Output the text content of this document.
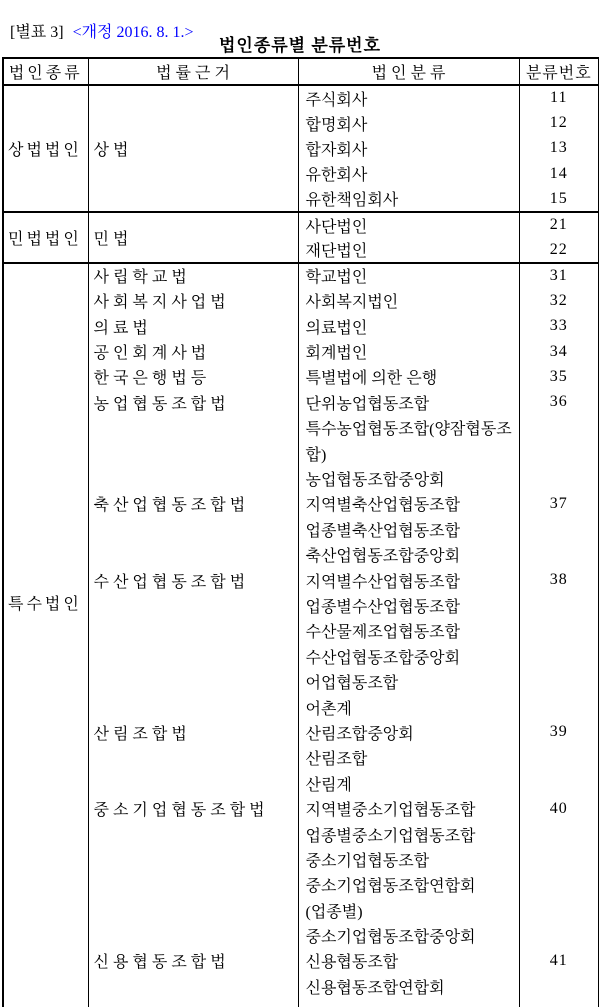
[별표 3] <개정 2016. 8. 1.>

법인종류별 분류번호
법인종류	법 률 근 거	법 인 분 류	분류번호

상법법인	상 법	주식회사	11
		합명회사	12
		합자회사	13
		유한회사	14
		유한책임회사	15

민법법인	민 법	사단법인	21
		재단법인	22

특수법인	사 립 학 교 법	학교법인	31
	사 회 복 지 사 업 법	사회복지법인	32
	의 료 법	의료법인	33
	공 인 회 계 사 법	회계법인	34
	한 국 은 행 법 등	특별법에 의한 은행	35
	농 업 협 동 조 합 법	단위농업협동조합	36
		특수농업협동조합(양잠협동조	
		합)	
		농업협동조합중앙회	
	축 산 업 협 동 조 합 법	지역별축산업협동조합	37
		업종별축산업협동조합	
		축산업협동조합중앙회	
	수 산 업 협 동 조 합 법	지역별수산업협동조합	38
		업종별수산업협동조합	
		수산물제조업협동조합	
		수산업협동조합중앙회	
		어업협동조합	
		어촌계	
	산 림 조 합 법	산림조합중앙회	39
		산림조합	
		산림계	
	중 소 기 업 협 동 조 합 법	지역별중소기업협동조합	40
		업종별중소기업협동조합	
		중소기업협동조합	
		중소기업협동조합연합회	
		(업종별)	
		중소기업협동조합중앙회	
	신 용 협 동 조 합 법	신용협동조합	41
		신용협동조합연합회	
